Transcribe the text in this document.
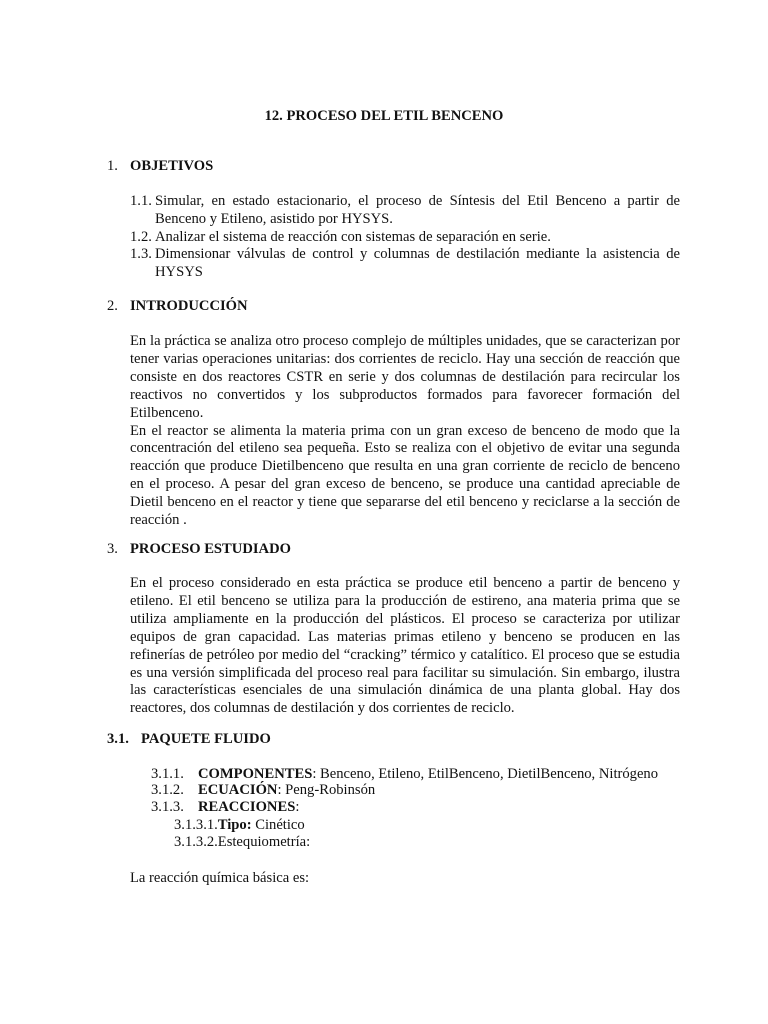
12. PROCESO DEL ETIL BENCENO
1. OBJETIVOS
1.1. Simular, en estado estacionario, el proceso de Síntesis del Etil Benceno a partir de Benceno y Etileno, asistido por HYSYS.
1.2. Analizar el sistema de reacción con sistemas de separación en serie.
1.3. Dimensionar válvulas de control y columnas de destilación mediante la asistencia de HYSYS
2. INTRODUCCIÓN

En la práctica se analiza otro proceso complejo de múltiples unidades, que se caracterizan por tener varias operaciones unitarias: dos corrientes de reciclo. Hay una sección de reacción que consiste en dos reactores CSTR en serie y dos columnas de destilación para recircular los reactivos no convertidos y los subproductos formados para favorecer formación del Etilbenceno.

En el reactor se alimenta la materia prima con un gran exceso de benceno de modo que la concentración del etileno sea pequeña. Esto se realiza con el objetivo de evitar una segunda reacción que produce Dietilbenceno que resulta en una gran corriente de reciclo de benceno en el proceso. A pesar del gran exceso de benceno, se produce una cantidad apreciable de Dietil benceno en el reactor y tiene que separarse del etil benceno y reciclarse a la sección de reacción .

3. PROCESO ESTUDIADO

En el proceso considerado en esta práctica se produce etil benceno a partir de benceno y etileno. El etil benceno se utiliza para la producción de estireno, ana materia prima que se utiliza ampliamente en la producción del plásticos. El proceso se caracteriza por utilizar equipos de gran capacidad. Las materias primas etileno y benceno se producen en las refinerías de petróleo por medio del “cracking” térmico y catalítico. El proceso que se estudia es una versión simplificada del proceso real para facilitar su simulación. Sin embargo, ilustra las características esenciales de una simulación dinámica de una planta global. Hay dos reactores, dos columnas de destilación y dos corrientes de reciclo.

3.1. PAQUETE FLUIDO
3.1.1. COMPONENTES: Benceno, Etileno, EtilBenceno, DietilBenceno, Nitrógeno
3.1.2. ECUACIÓN: Peng-Robinsón
3.1.3. REACCIONES:
3.1.3.1.Tipo: Cinético
3.1.3.2.Estequiometría:
La reacción química básica es:
